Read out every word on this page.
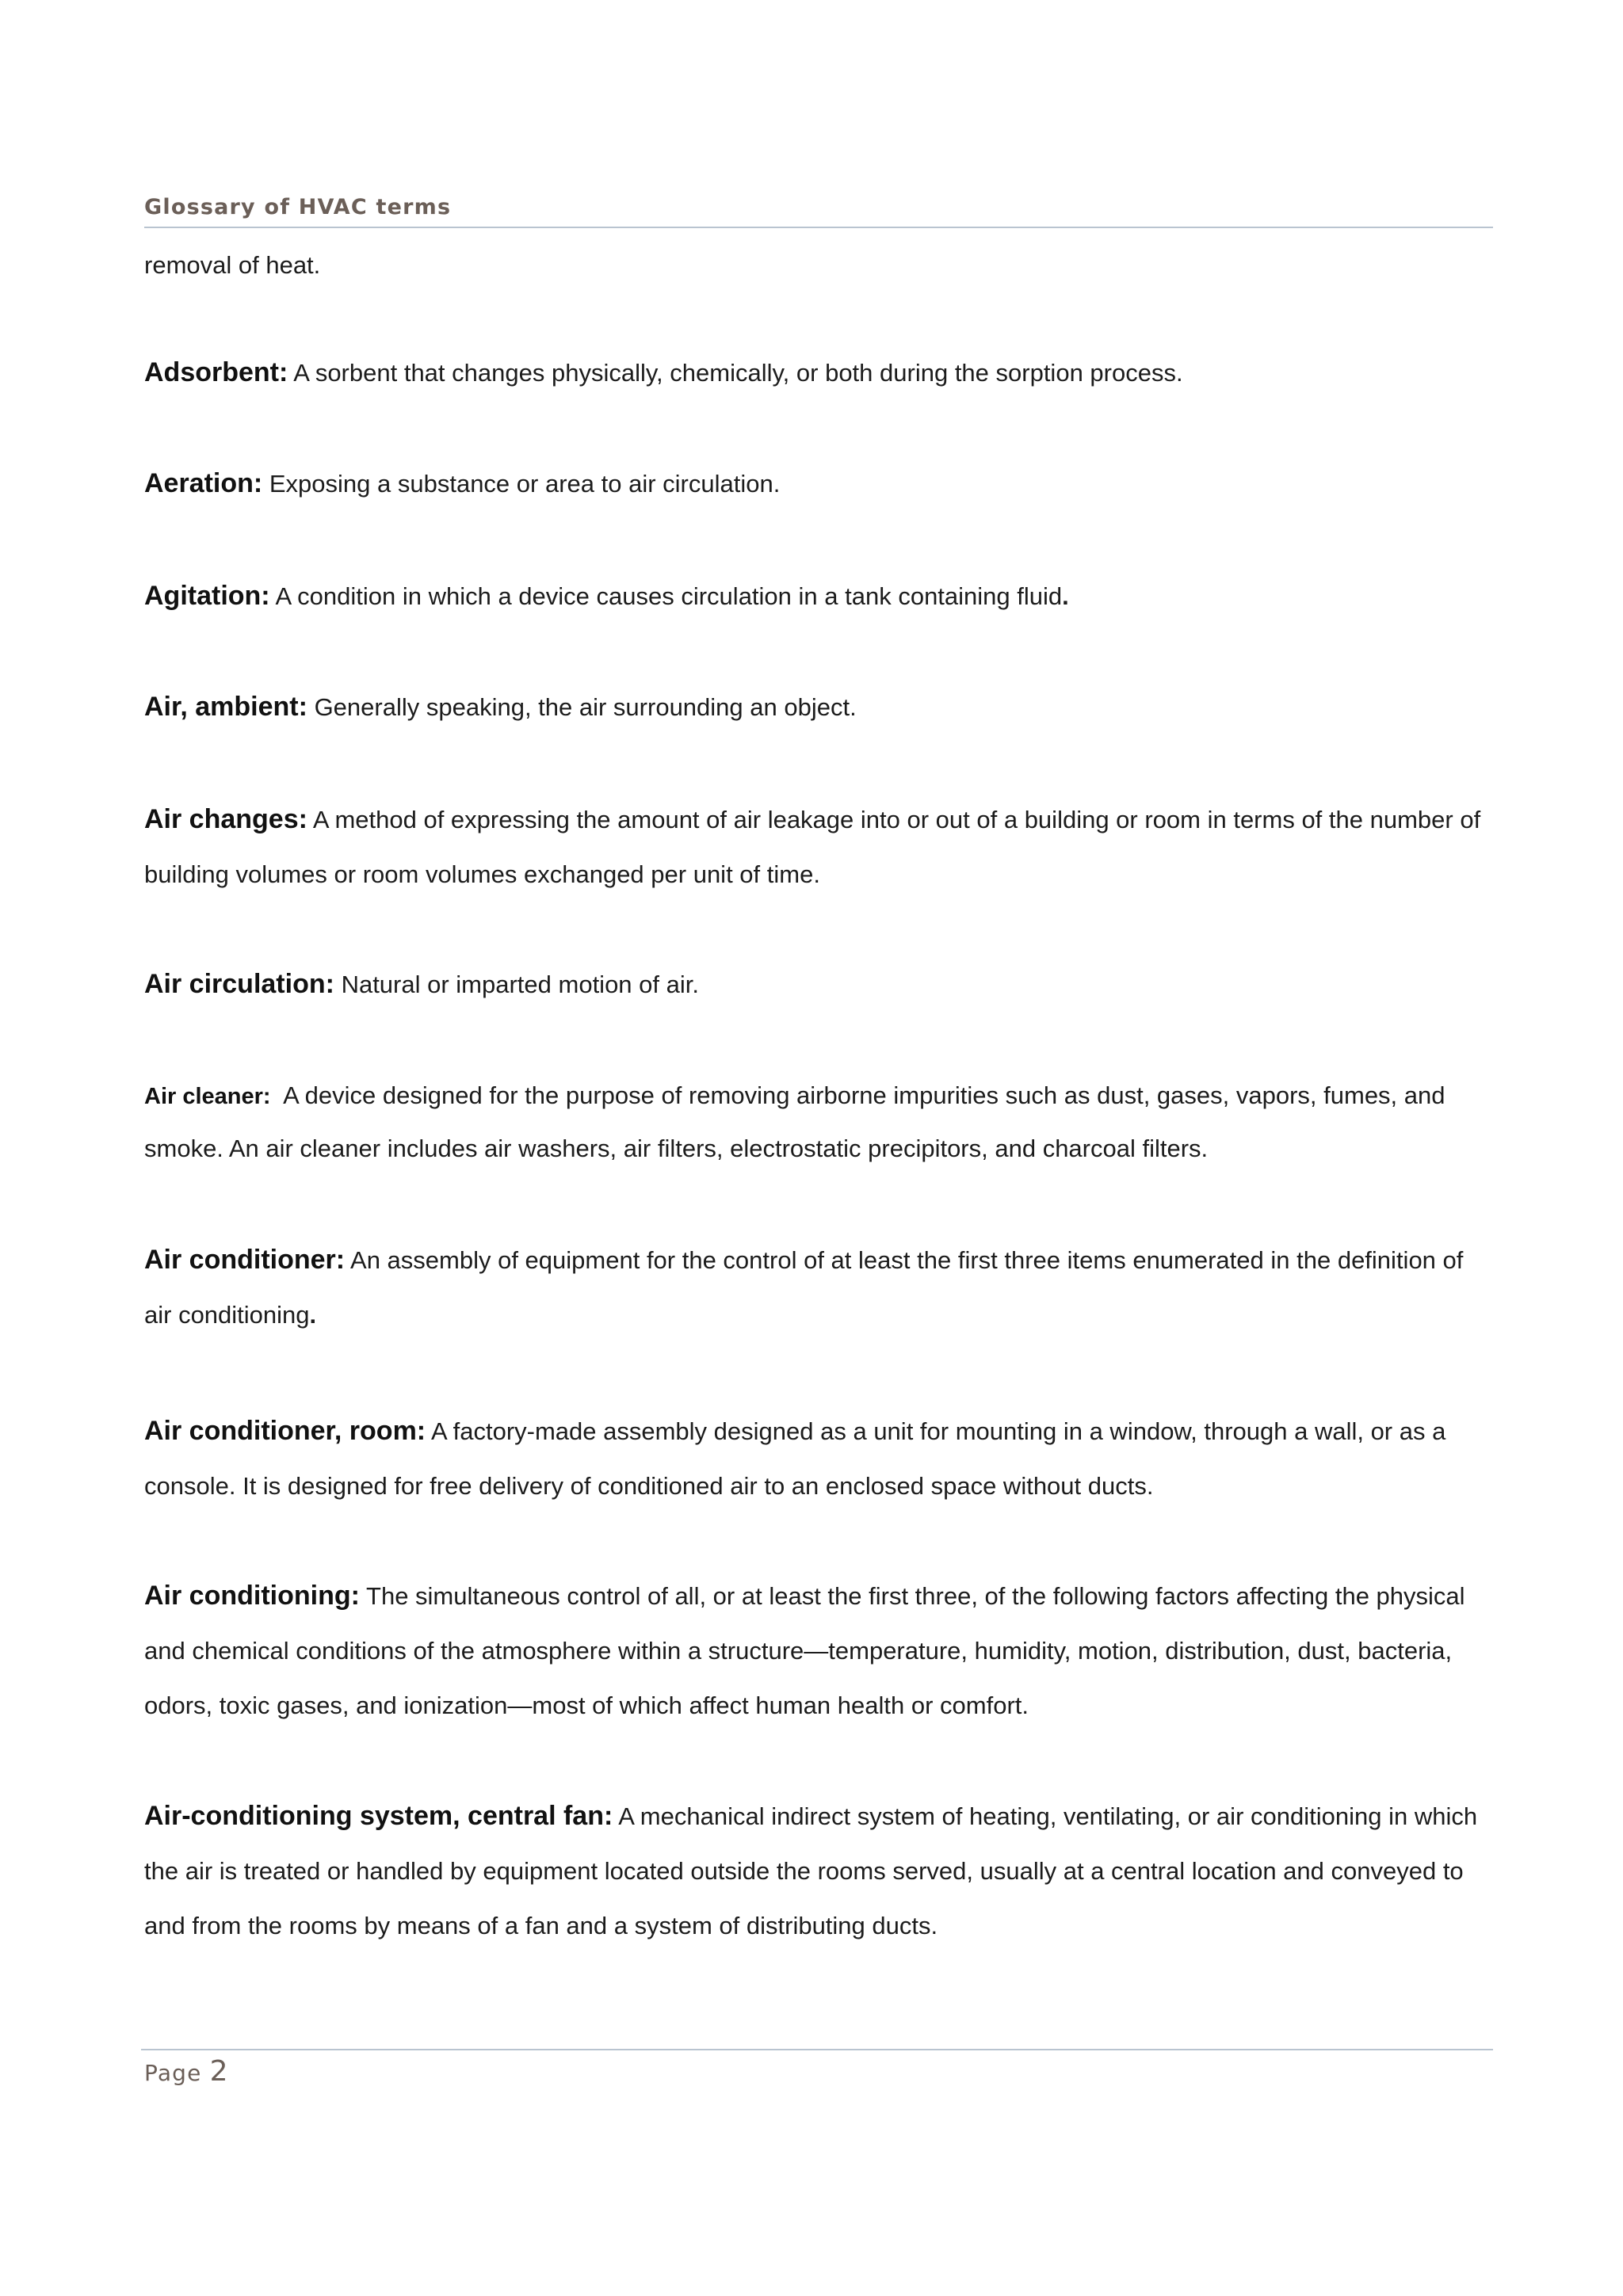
Glossary of HVAC terms
removal of heat.
Adsorbent: A sorbent that changes physically, chemically, or both during the sorption process.
Aeration: Exposing a substance or area to air circulation.
Agitation: A condition in which a device causes circulation in a tank containing fluid.
Air, ambient: Generally speaking, the air surrounding an object.
Air changes: A method of expressing the amount of air leakage into or out of a building or room in terms of the number of building volumes or room volumes exchanged per unit of time.
Air circulation: Natural or imparted motion of air.
Air cleaner: A device designed for the purpose of removing airborne impurities such as dust, gases, vapors, fumes, and smoke. An air cleaner includes air washers, air filters, electrostatic precipitors, and charcoal filters.
Air conditioner: An assembly of equipment for the control of at least the first three items enumerated in the definition of air conditioning.
Air conditioner, room: A factory-made assembly designed as a unit for mounting in a window, through a wall, or as a console. It is designed for free delivery of conditioned air to an enclosed space without ducts.
Air conditioning: The simultaneous control of all, or at least the first three, of the following factors affecting the physical and chemical conditions of the atmosphere within a structure—temperature, humidity, motion, distribution, dust, bacteria, odors, toxic gases, and ionization—most of which affect human health or comfort.
Air-conditioning system, central fan: A mechanical indirect system of heating, ventilating, or air conditioning in which the air is treated or handled by equipment located outside the rooms served, usually at a central location and conveyed to and from the rooms by means of a fan and a system of distributing ducts.
Page 2
